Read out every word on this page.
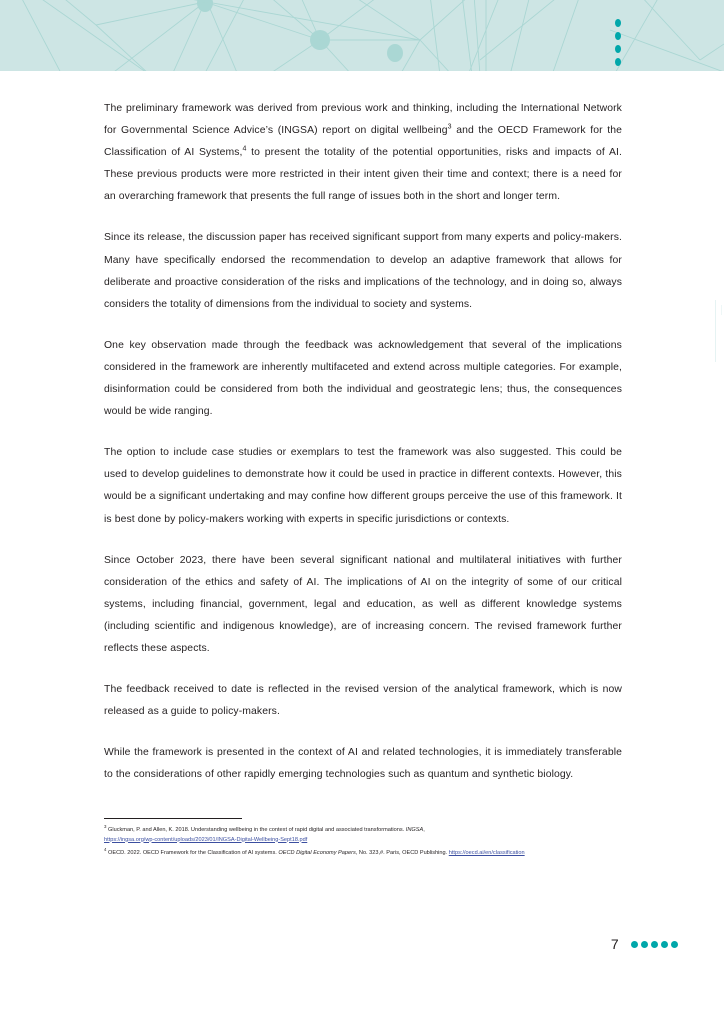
The preliminary framework was derived from previous work and thinking, including the International Network for Governmental Science Advice’s (INGSA) report on digital wellbeing$^3$ and the OECD Framework for the Classification of AI Systems,$^4$ to present the totality of the potential opportunities, risks and impacts of AI. These previous products were more restricted in their intent given their time and context; there is a need for an overarching framework that presents the full range of issues both in the short and longer term.

Since its release, the discussion paper has received significant support from many experts and policy-makers. Many have specifically endorsed the recommendation to develop an adaptive framework that allows for deliberate and proactive consideration of the risks and implications of the technology, and in doing so, always considers the totality of dimensions from the individual to society and systems.

One key observation made through the feedback was acknowledgement that several of the implications considered in the framework are inherently multifaceted and extend across multiple categories. For example, disinformation could be considered from both the individual and geostrategic lens; thus, the consequences would be wide ranging.

The option to include case studies or exemplars to test the framework was also suggested. This could be used to develop guidelines to demonstrate how it could be used in practice in different contexts. However, this would be a significant undertaking and may confine how different groups perceive the use of this framework. It is best done by policy-makers working with experts in specific jurisdictions or contexts.

Since October 2023, there have been several significant national and multilateral initiatives with further consideration of the ethics and safety of AI. The implications of AI on the integrity of some of our critical systems, including financial, government, legal and education, as well as different knowledge systems (including scientific and indigenous knowledge), are of increasing concern. The revised framework further reflects these aspects.

The feedback received to date is reflected in the revised version of the analytical framework, which is now released as a guide to policy-makers.

While the framework is presented in the context of AI and related technologies, it is immediately transferable to the considerations of other rapidly emerging technologies such as quantum and synthetic biology.

$^3$ Gluckman, P. and Allen, K. 2018. Understanding wellbeing in the context of rapid digital and associated transformations. INGSA, https://ingsa.org/wp-content/uploads/2023/01/INGSA-Digital-Wellbeing-Sept18.pdf

$^4$ OECD. 2022. OECD Framework for the Classification of AI systems. OECD Digital Economy Papers, No. 323,#. Paris, OECD Publishing. https://oecd.ai/en/classification

7
